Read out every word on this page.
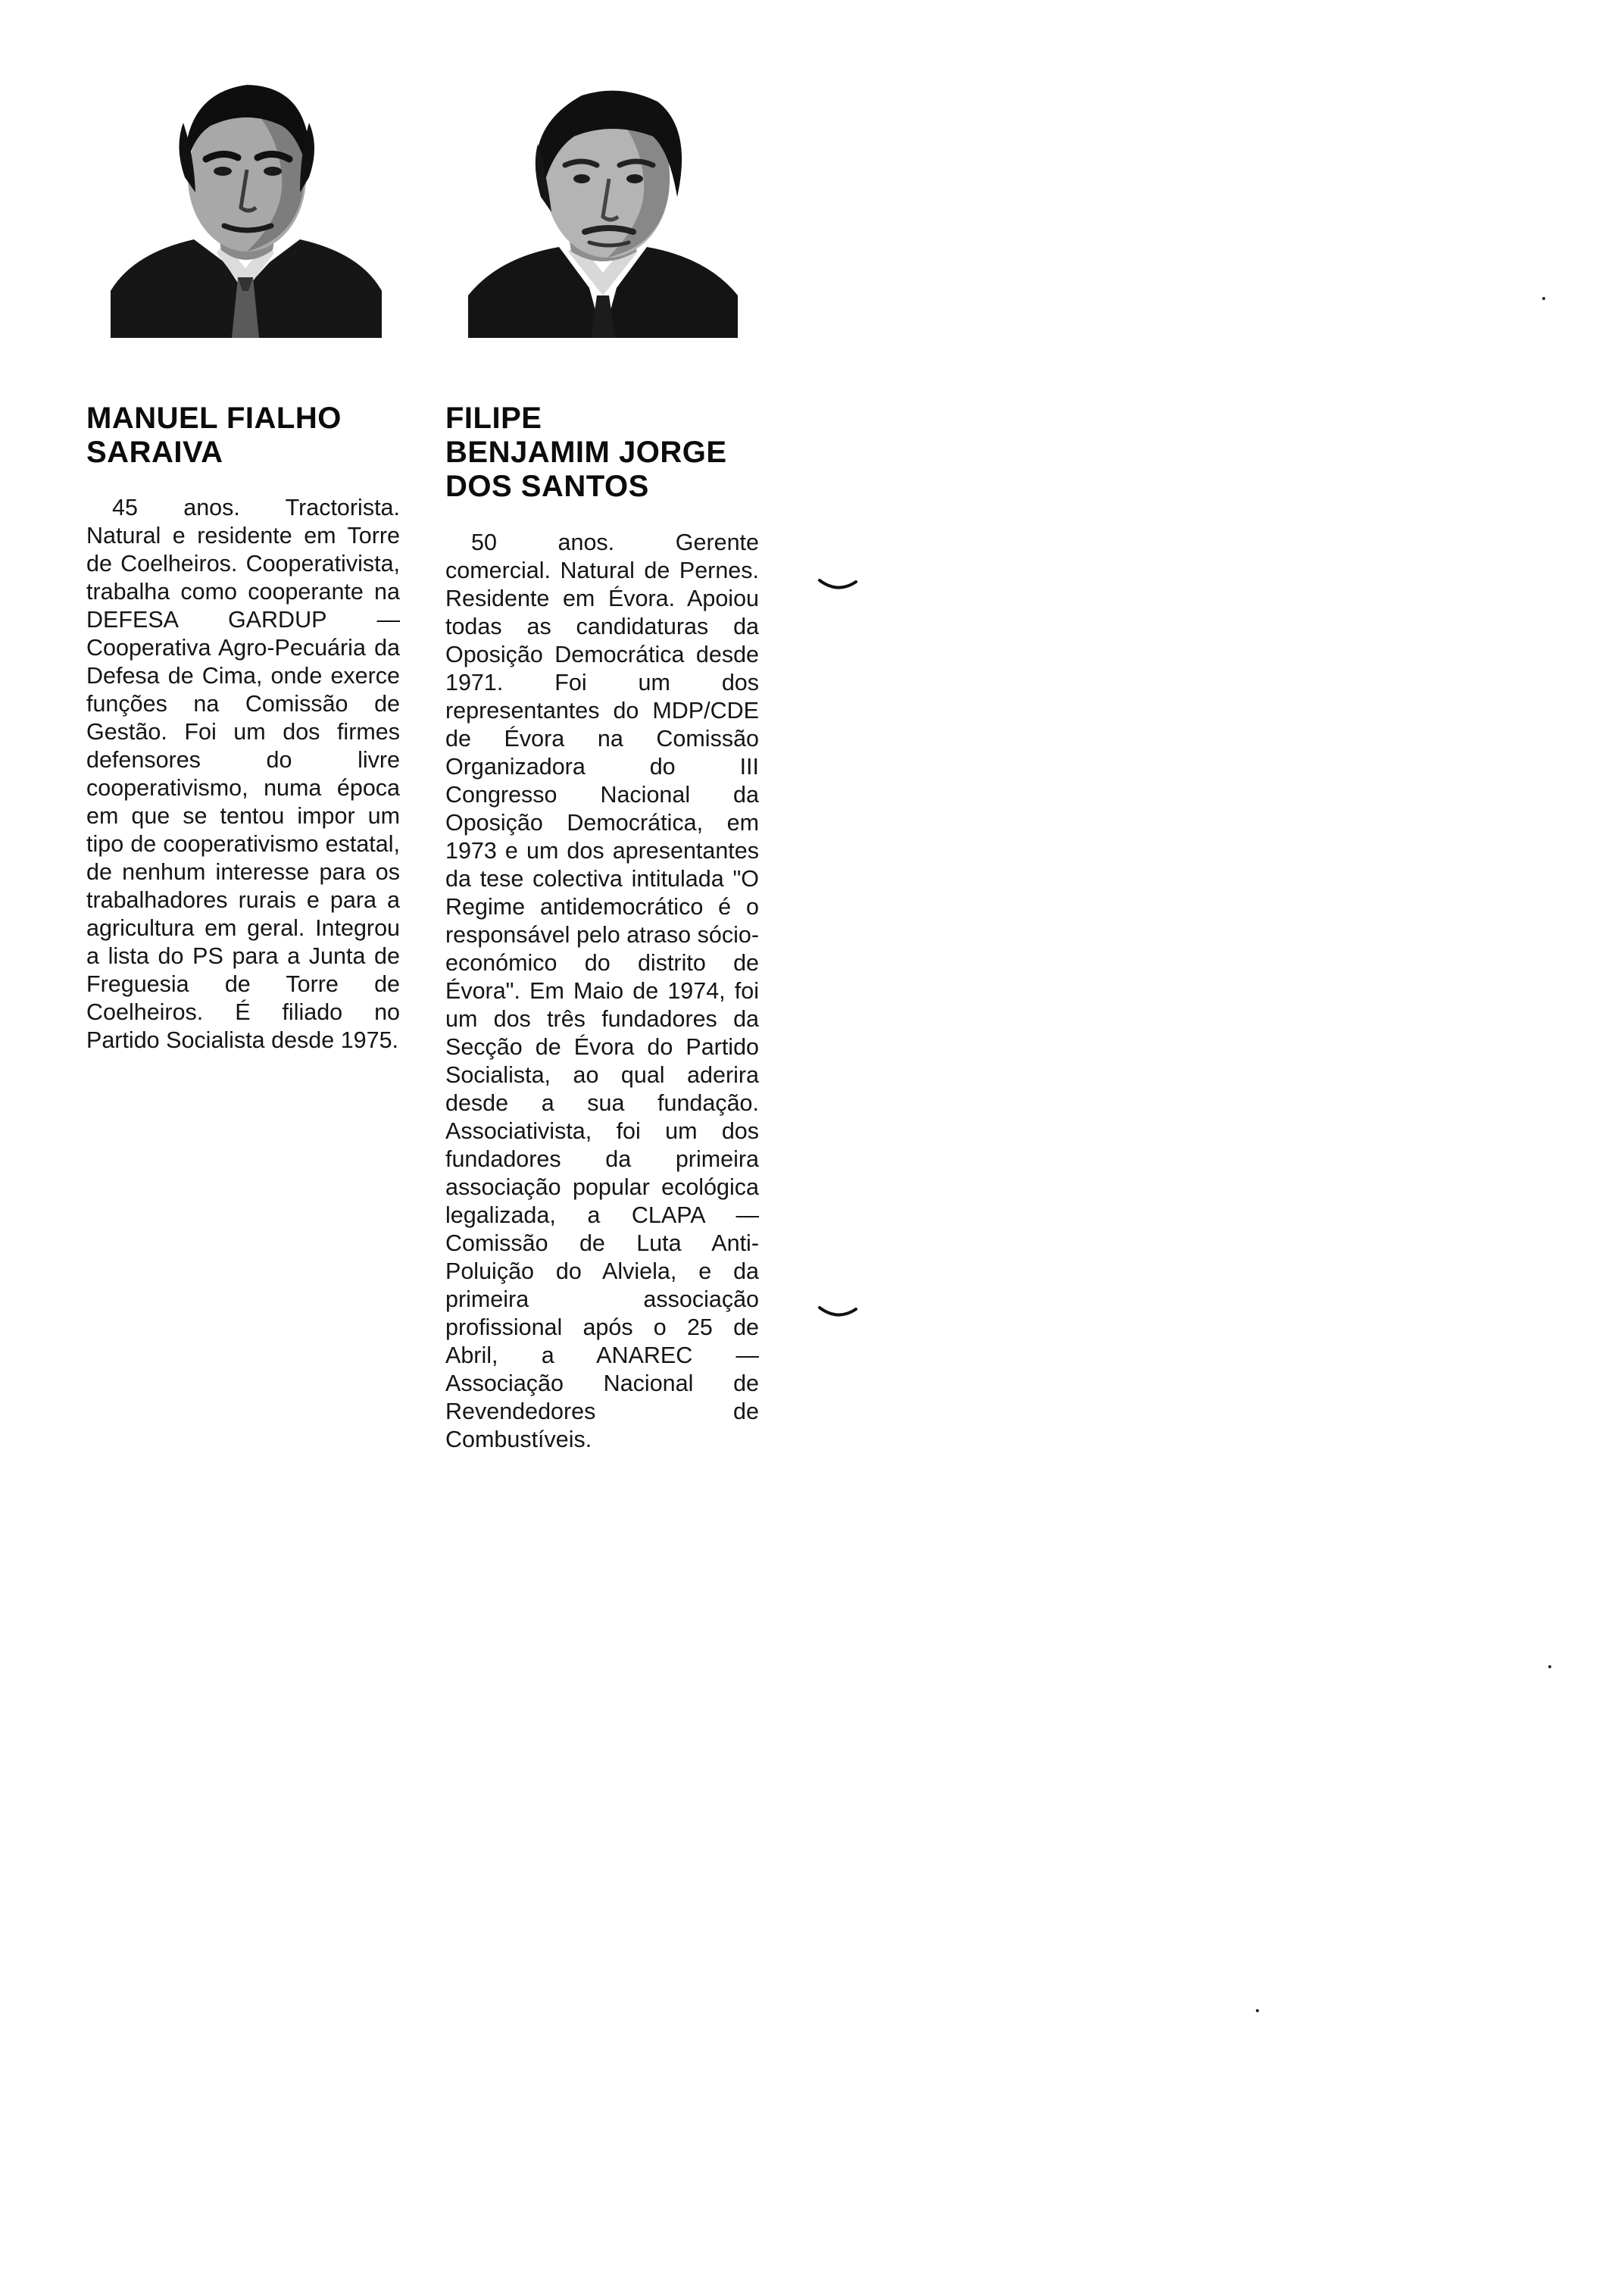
MANUEL FIALHO
SARAIVA
FILIPE
BENJAMIM JORGE
DOS SANTOS

45 anos. Tractorista. Natural e residente em Torre de Coelheiros. Cooperativista, trabalha como cooperante na DEFESA GARDUP — Cooperativa Agro-Pecuária da Defesa de Cima, onde exerce funções na Comissão de Gestão. Foi um dos firmes defensores do livre cooperativismo, numa época em que se tentou impor um tipo de cooperativismo estatal, de nenhum interesse para os trabalhadores rurais e para a agricultura em geral. Integrou a lista do PS para a Junta de Freguesia de Torre de Coelheiros. É filiado no Partido Socialista desde 1975.

50 anos. Gerente comercial. Natural de Pernes. Residente em Évora. Apoiou todas as candidaturas da Oposição Democrática desde 1971. Foi um dos representantes do MDP/CDE de Évora na Comissão Organizadora do III Congresso Nacional da Oposição Democrática, em 1973 e um dos apresentantes da tese colectiva intitulada "O Regime antidemocrático é o responsável pelo atraso sócio-económico do distrito de Évora". Em Maio de 1974, foi um dos três fundadores da Secção de Évora do Partido Socialista, ao qual aderira desde a sua fundação. Associativista, foi um dos fundadores da primeira associação popular ecológica legalizada, a CLAPA — Comissão de Luta Anti-Poluição do Alviela, e da primeira associação profissional após o 25 de Abril, a ANAREC — Associação Nacional de Revendedores de Combustíveis.
